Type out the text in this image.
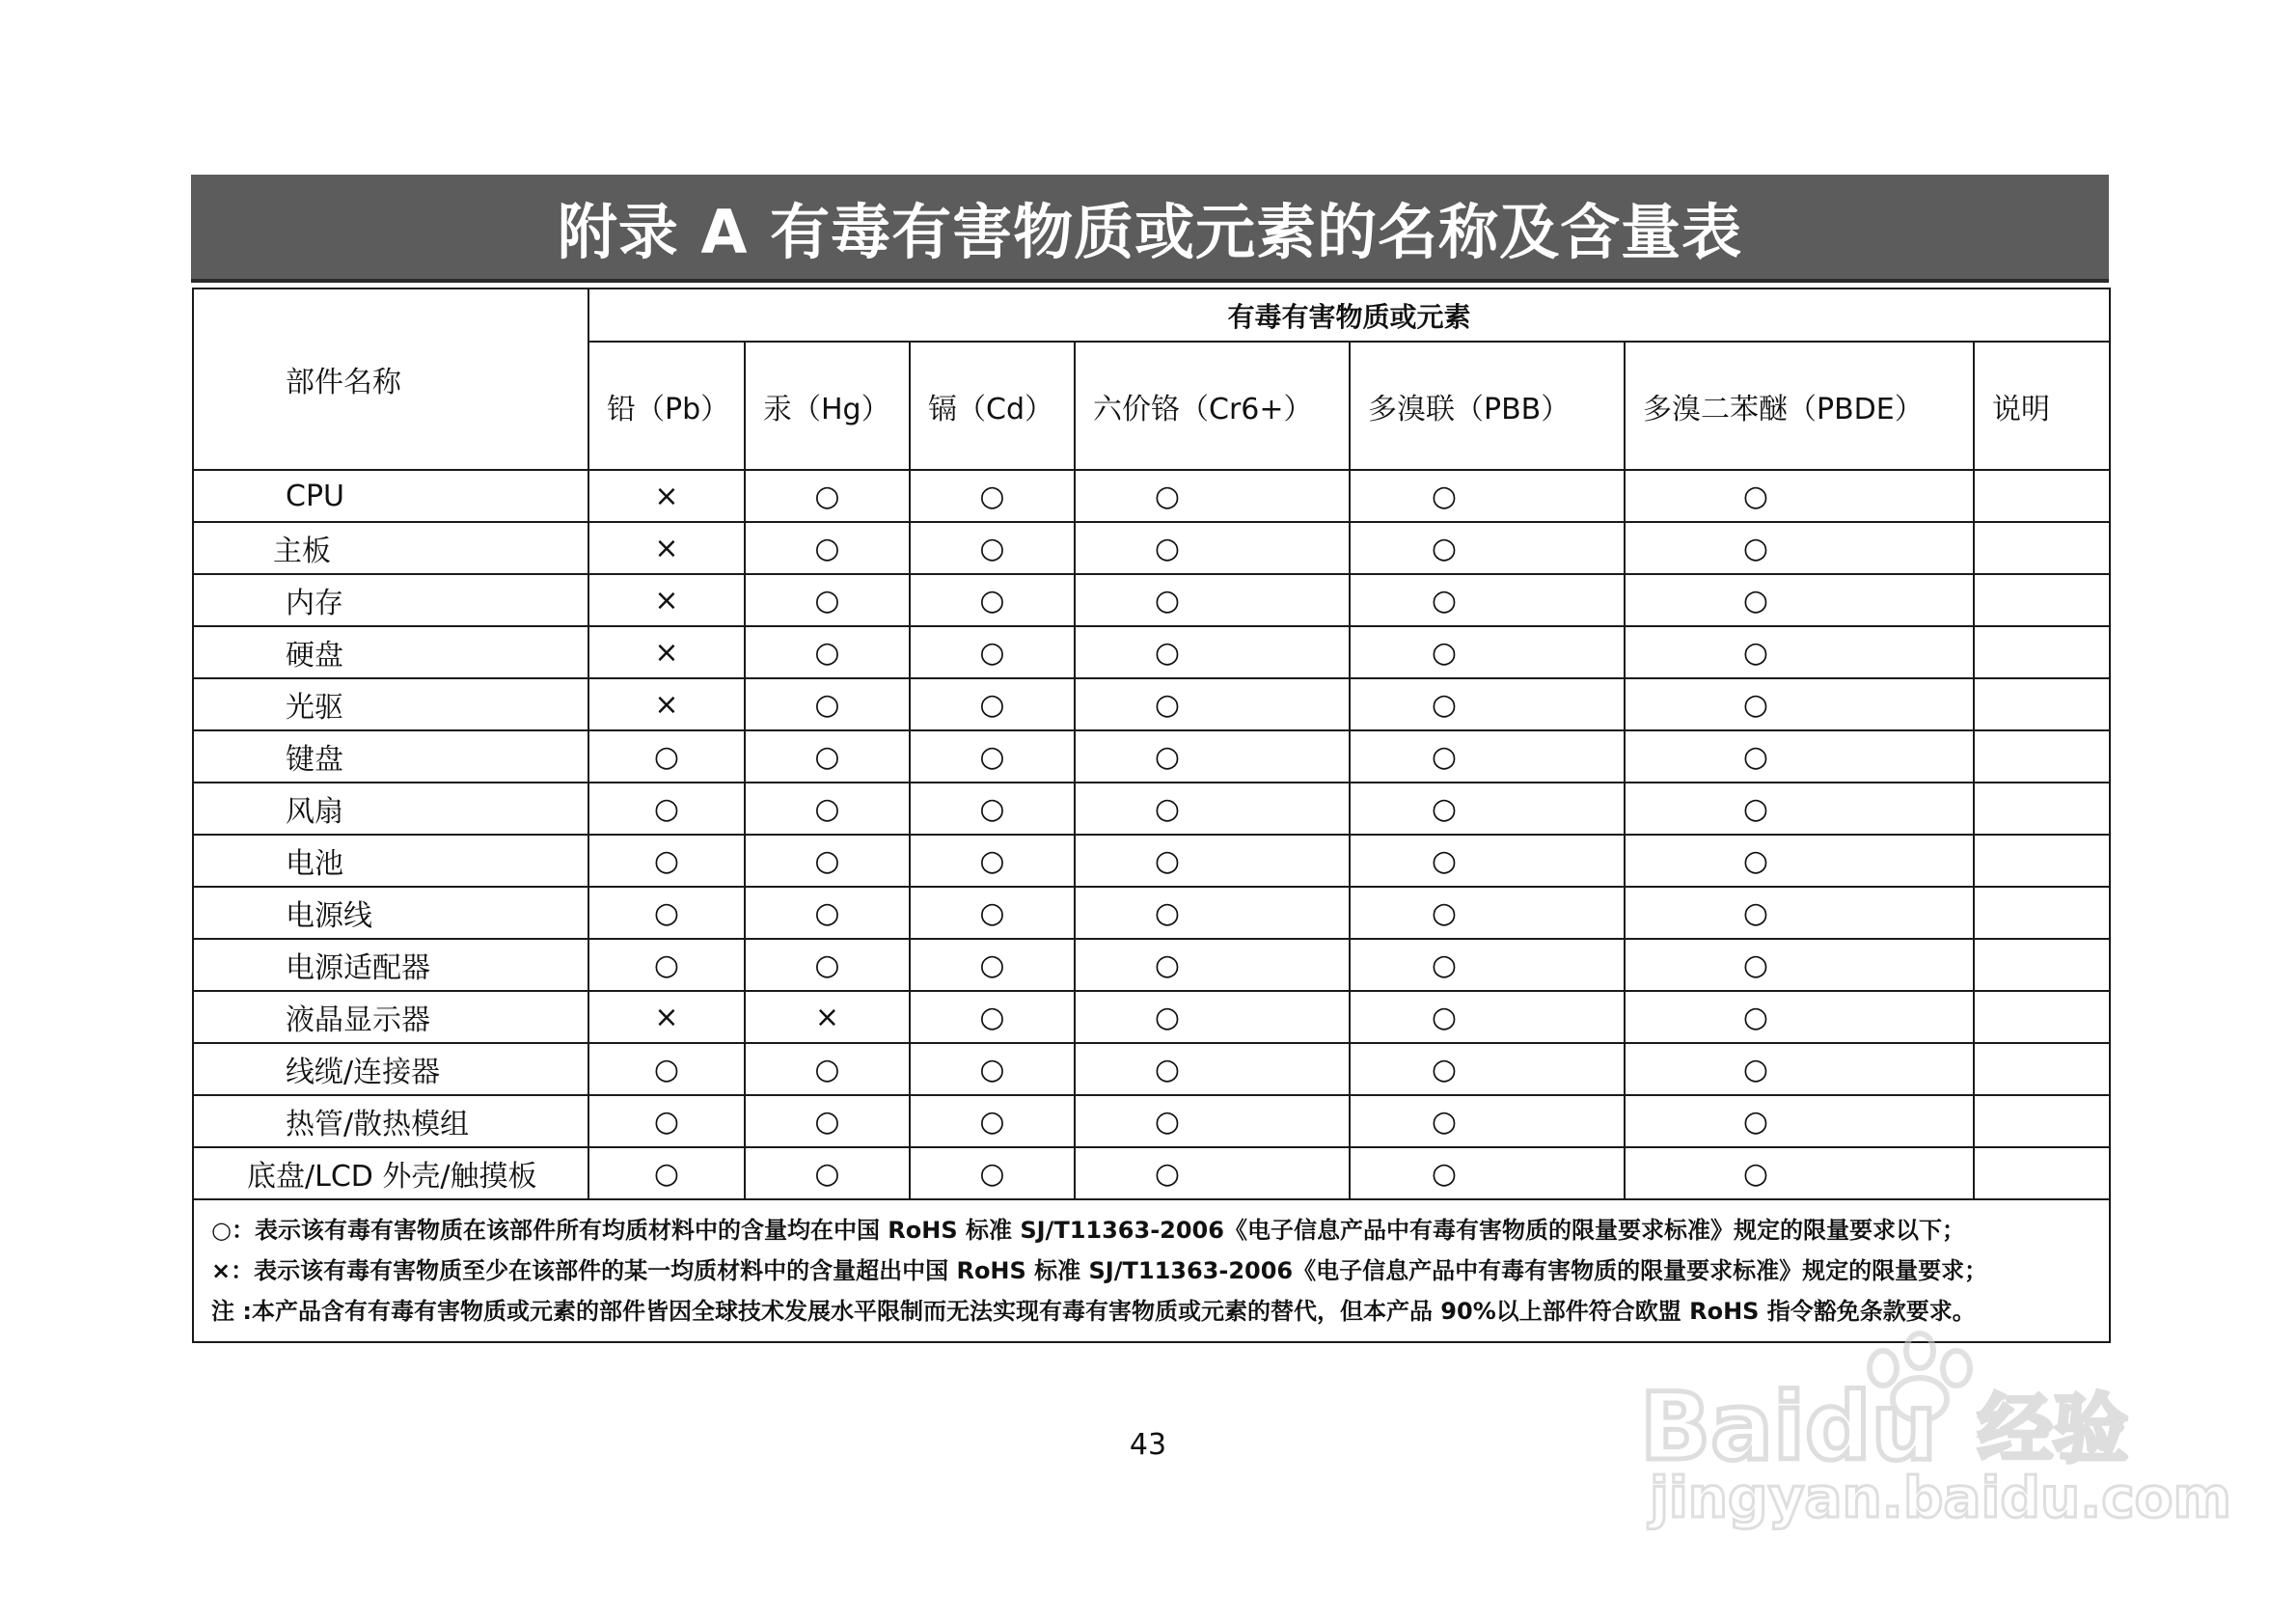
附录 A 有毒有害物质或元素的名称及含量表
部件名称	有毒有害物质或元素						
	铅（Pb）	汞（Hg）	镉（Cd）	六价铬（Cr6+）	多溴联（PBB）	多溴二苯醚（PBDE）	说明
CPU	×	○	○	○	○	○	
主板	×	○	○	○	○	○	
内存	×	○	○	○	○	○	
硬盘	×	○	○	○	○	○	
光驱	×	○	○	○	○	○	
键盘	○	○	○	○	○	○	
风扇	○	○	○	○	○	○	
电池	○	○	○	○	○	○	
电源线	○	○	○	○	○	○	
电源适配器	○	○	○	○	○	○	
液晶显示器	×	×	○	○	○	○	
线缆/连接器	○	○	○	○	○	○	
热管/散热模组	○	○	○	○	○	○	
底盘/LCD 外壳/触摸板	○	○	○	○	○	○	

○：表示该有毒有害物质在该部件所有均质材料中的含量均在中国 RoHS 标准 SJ/T11363-2006《电子信息产品中有毒有害物质的限量要求标准》规定的限量要求以下；
×：表示该有毒有害物质至少在该部件的某一均质材料中的含量超出中国 RoHS 标准 SJ/T11363-2006《电子信息产品中有毒有害物质的限量要求标准》规定的限量要求；
注 :本产品含有有毒有害物质或元素的部件皆因全球技术发展水平限制而无法实现有毒有害物质或元素的替代，但本产品 90%以上部件符合欧盟 RoHS 指令豁免条款要求。							
43	Baidu 经验
jingyan.baidu.com
